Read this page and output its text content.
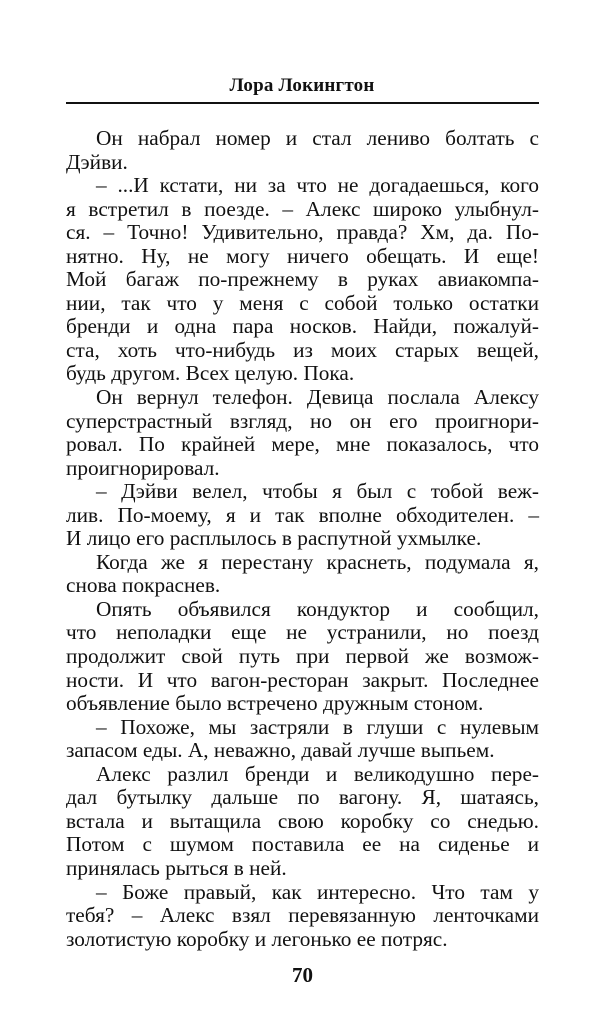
Лора Локингтон
Он набрал номер и стал лениво болтать с
Дэйви.
– ...И кстати, ни за что не догадаешься, кого
я встретил в поезде. – Алекс широко улыбнул-
ся. – Точно! Удивительно, правда? Хм, да. По-
нятно. Ну, не могу ничего обещать. И еще!
Мой багаж по-прежнему в руках авиакомпа-
нии, так что у меня с собой только остатки
бренди и одна пара носков. Найди, пожалуй-
ста, хоть что-нибудь из моих старых вещей,
будь другом. Всех целую. Пока.
Он вернул телефон. Девица послала Алексу
суперстрастный взгляд, но он его проигнори-
ровал. По крайней мере, мне показалось, что
проигнорировал.
– Дэйви велел, чтобы я был с тобой веж-
лив. По-моему, я и так вполне обходителен. –
И лицо его расплылось в распутной ухмылке.
Когда же я перестану краснеть, подумала я,
снова покраснев.
Опять объявился кондуктор и сообщил,
что неполадки еще не устранили, но поезд
продолжит свой путь при первой же возмож-
ности. И что вагон-ресторан закрыт. Последнее
объявление было встречено дружным стоном.
– Похоже, мы застряли в глуши с нулевым
запасом еды. А, неважно, давай лучше выпьем.
Алекс разлил бренди и великодушно пере-
дал бутылку дальше по вагону. Я, шатаясь,
встала и вытащила свою коробку со снедью.
Потом с шумом поставила ее на сиденье и
принялась рыться в ней.
– Боже правый, как интересно. Что там у
тебя? – Алекс взял перевязанную ленточками
золотистую коробку и легонько ее потряс.
70
